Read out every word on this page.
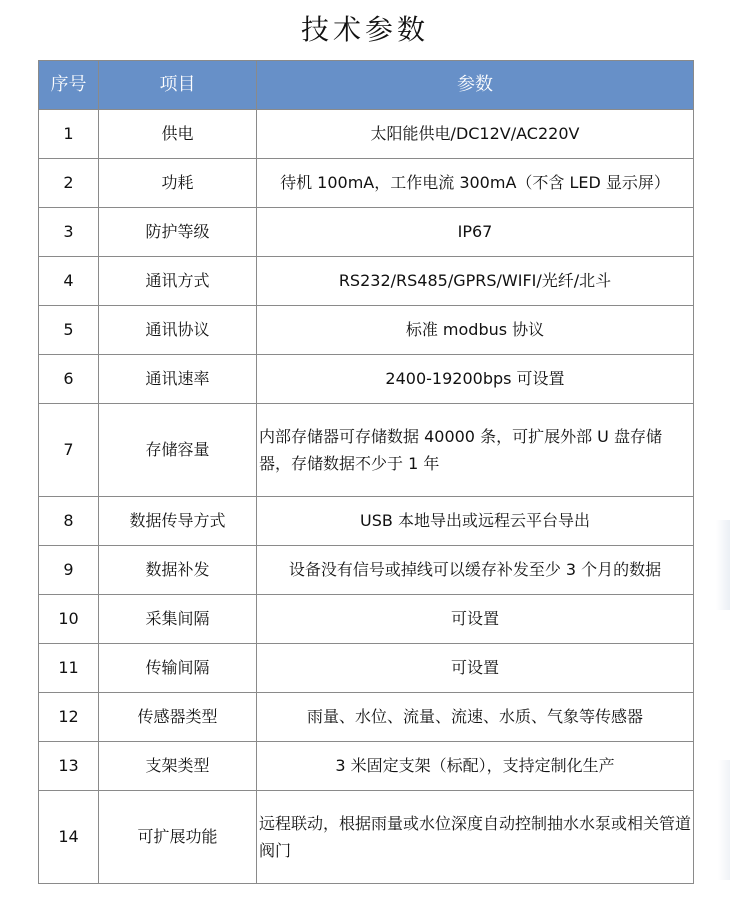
技术参数
序号	项目	参数
1	供电	太阳能供电/DC12V/AC220V
2	功耗	待机 100mA，工作电流 300mA（不含 LED 显示屏）
3	防护等级	IP67
4	通讯方式	RS232/RS485/GPRS/WIFI/光纤/北斗
5	通讯协议	标准 modbus 协议
6	通讯速率	2400-19200bps 可设置
7	存储容量	内部存储器可存储数据 40000 条，可扩展外部 U 盘存储器，存储数据不少于 1 年
8	数据传导方式	USB 本地导出或远程云平台导出
9	数据补发	设备没有信号或掉线可以缓存补发至少 3 个月的数据
10	采集间隔	可设置
11	传输间隔	可设置
12	传感器类型	雨量、水位、流量、流速、水质、气象等传感器
13	支架类型	3 米固定支架（标配），支持定制化生产
14	可扩展功能	远程联动，根据雨量或水位深度自动控制抽水水泵或相关管道阀门
